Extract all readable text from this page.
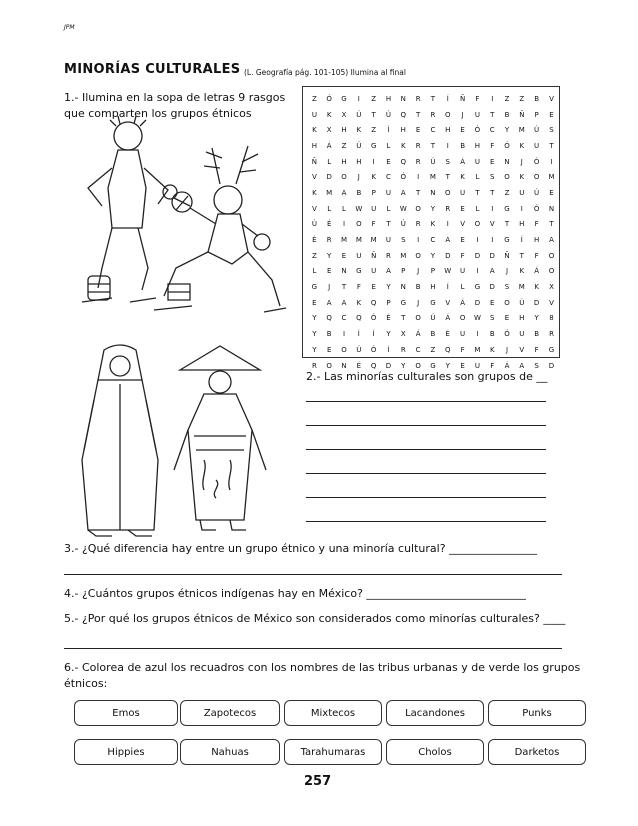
JPM
MINORÍAS CULTURALES (L. Geografía pág. 101-105) Ilumina al final
1.- Ilumina en la sopa de letras 9 rasgos que comparten los grupos étnicos
Z	Ó	G	I	Z	H	N	R	T	Í	Ñ	F	I	Z	Z	B	V
U	K	X	Ú	T	Ú	Q	T	R	O	J	U	T	B	Ñ	P	E
K	X	H	K	Z	Í	H	E	C	H	E	Ó	C	Y	M	Ú	S
H	Á	Z	Ú	G	L	K	R	T	I	B	H	F	Ó	K	U	T
Ñ	L	H	H	I	E	Q	R	Ú	S	Á	U	E	N	J	Ó	I
V	D	O	J	K	C	Ó	I	M	T	K	L	S	O	K	O	M
K	M	A	B	P	U	A	T	N	O	U	T	T	Z	U	Ú	E
V	L	L	W	U	L	W	O	Y	R	E	L	I	G	I	Ó	N
Ú	É	I	O	F	T	Ú	R	K	I	V	O	V	T	H	F	T
É	R	M	M	M	U	S	I	C	A	E	I	I	G	Í	H	A
Z	Y	E	U	Ñ	R	M	O	Y	D	F	D	D	Ñ	T	F	O
L	E	N	G	U	A	P	J	P	W	U	I	A	J	K	Á	O
G	J	T	F	E	Y	N	B	H	Í	L	G	D	S	M	K	X
E	A	A	K	Q	P	G	J	G	V	Á	D	E	O	Ú	D	V
Y	Q	C	Q	Ó	É	T	O	Ú	Á	O	W	S	E	H	Y	8
Y	B	I	Í	Í	Y	X	Á	B	É	U	I	B	Ó	U	B	R
Y	E	O	Ú	Ó	Í	R	C	Z	Q	F	M	K	J	V	F	G
R	O	N	É	Q	D	Y	O	G	Y	E	U	F	Á	A	S	D
2.- Las minorías culturales son grupos de __
3.- ¿Qué diferencia hay entre un grupo étnico y una minoría cultural? ________________
4.- ¿Cuántos grupos étnicos indígenas hay en México? _____________________________
5.- ¿Por qué los grupos étnicos de México son considerados como minorías culturales? ____
6.- Colorea de azul los recuadros con los nombres de las tribus urbanas y de verde los grupos étnicos:
Emos	Zapotecos	Mixtecos	Lacandones	Punks
Hippies	Nahuas	Tarahumaras	Cholos	Darketos
257
